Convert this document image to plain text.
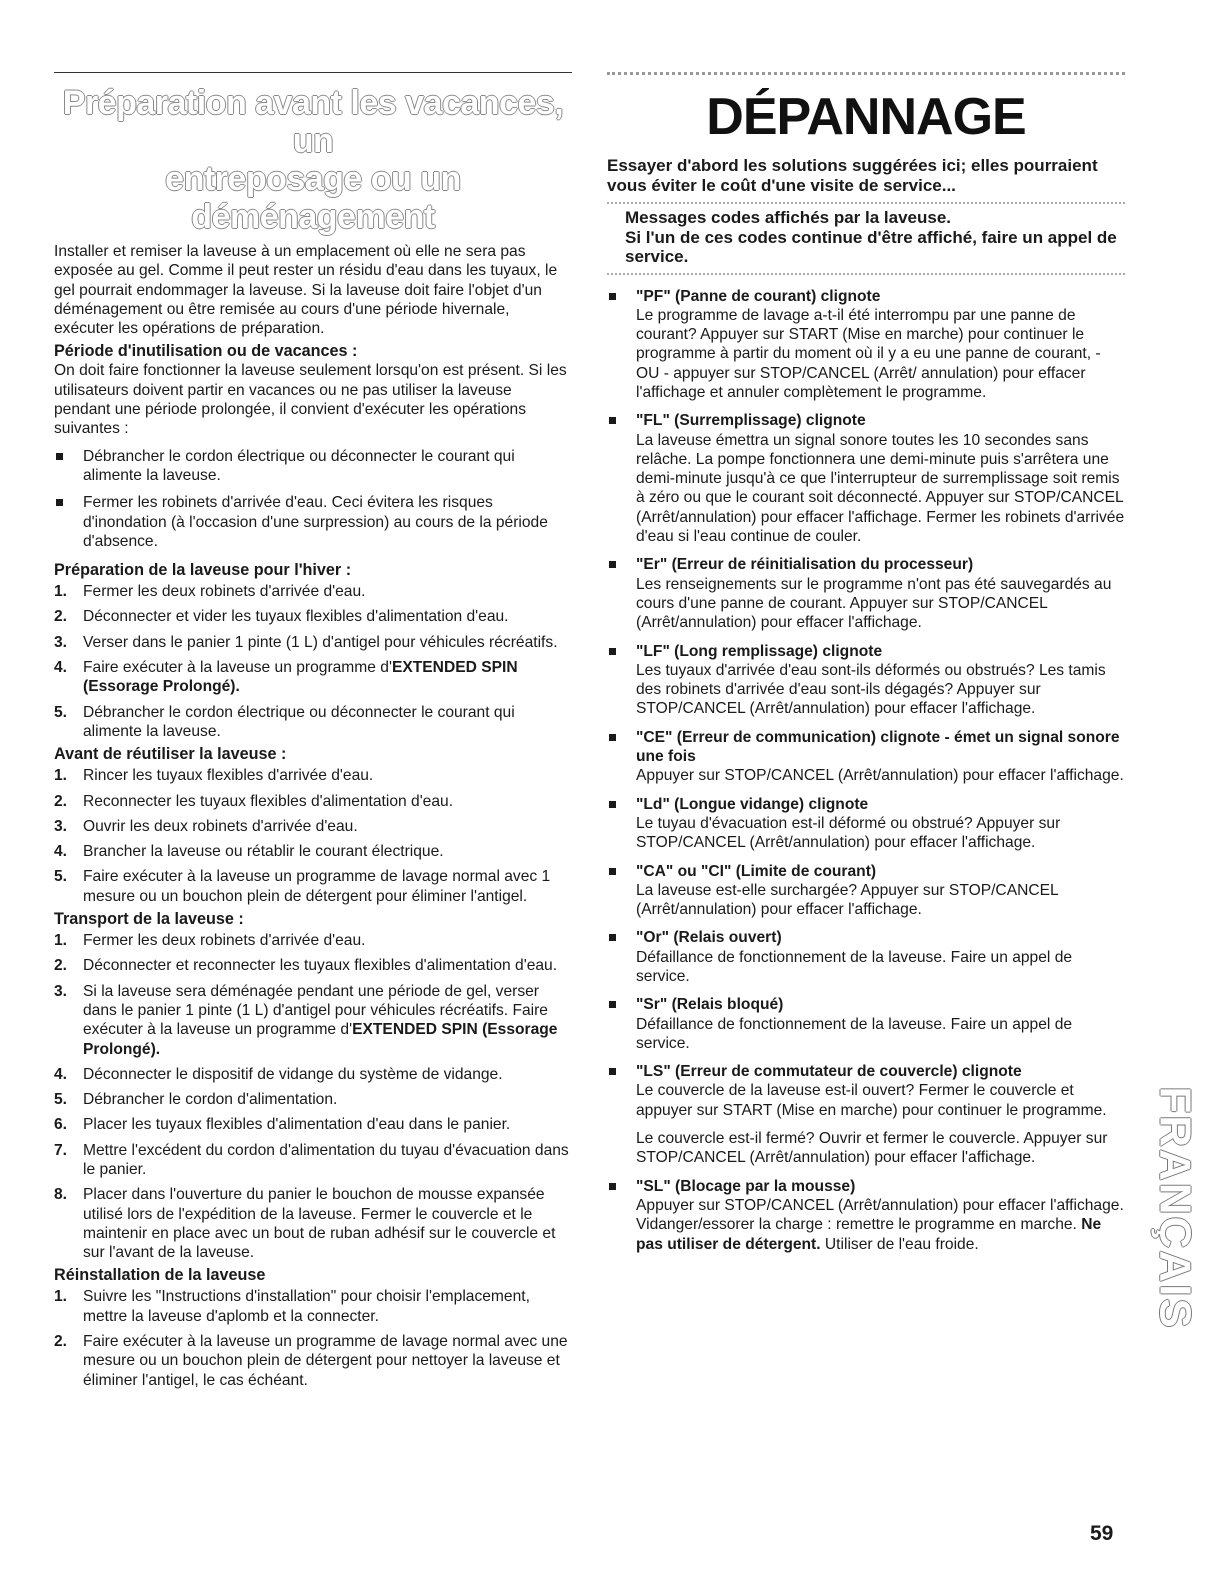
Préparation avant les vacances, un
entreposage ou un déménagement

Installer et remiser la laveuse à un emplacement où elle ne sera pas exposée au gel. Comme il peut rester un résidu d'eau dans les tuyaux, le gel pourrait endommager la laveuse. Si la laveuse doit faire l'objet d'un déménagement ou être remisée au cours d'une période hivernale, exécuter les opérations de préparation.

Période d'inutilisation ou de vacances :

On doit faire fonctionner la laveuse seulement lorsqu'on est présent. Si les utilisateurs doivent partir en vacances ou ne pas utiliser la laveuse pendant une période prolongée, il convient d'exécuter les opérations suivantes :

Débrancher le cordon électrique ou déconnecter le courant qui alimente la laveuse.
Fermer les robinets d'arrivée d'eau. Ceci évitera les risques d'inondation (à l'occasion d'une surpression) au cours de la période d'absence.
Préparation de la laveuse pour l'hiver :
1. Fermer les deux robinets d'arrivée d'eau.
2. Déconnecter et vider les tuyaux flexibles d'alimentation d'eau.
3. Verser dans le panier 1 pinte (1 L) d'antigel pour véhicules récréatifs.
4. Faire exécuter à la laveuse un programme d'EXTENDED SPIN (Essorage Prolongé).
5. Débrancher le cordon électrique ou déconnecter le courant qui alimente la laveuse.
Avant de réutiliser la laveuse :
1. Rincer les tuyaux flexibles d'arrivée d'eau.
2. Reconnecter les tuyaux flexibles d'alimentation d'eau.
3. Ouvrir les deux robinets d'arrivée d'eau.
4. Brancher la laveuse ou rétablir le courant électrique.
5. Faire exécuter à la laveuse un programme de lavage normal avec 1 mesure ou un bouchon plein de détergent pour éliminer l'antigel.
Transport de la laveuse :
1. Fermer les deux robinets d'arrivée d'eau.
2. Déconnecter et reconnecter les tuyaux flexibles d'alimentation d'eau.
3. Si la laveuse sera déménagée pendant une période de gel, verser dans le panier 1 pinte (1 L) d'antigel pour véhicules récréatifs. Faire exécuter à la laveuse un programme d'EXTENDED SPIN (Essorage Prolongé).
4. Déconnecter le dispositif de vidange du système de vidange.
5. Débrancher le cordon d'alimentation.
6. Placer les tuyaux flexibles d'alimentation d'eau dans le panier.
7. Mettre l'excédent du cordon d'alimentation du tuyau d'évacuation dans le panier.
8. Placer dans l'ouverture du panier le bouchon de mousse expansée utilisé lors de l'expédition de la laveuse. Fermer le couvercle et le maintenir en place avec un bout de ruban adhésif sur le couvercle et sur l'avant de la laveuse.
Réinstallation de la laveuse
1. Suivre les "Instructions d'installation" pour choisir l'emplacement, mettre la laveuse d'aplomb et la connecter.
2. Faire exécuter à la laveuse un programme de lavage normal avec une mesure ou un bouchon plein de détergent pour nettoyer la laveuse et éliminer l'antigel, le cas échéant.
DÉPANNAGE
Essayer d'abord les solutions suggérées ici; elles pourraient vous éviter le coût d'une visite de service...
Messages codes affichés par la laveuse.
Si l'un de ces codes continue d'être affiché, faire un appel de service.
"PF" (Panne de courant) clignote

Le programme de lavage a-t-il été interrompu par une panne de courant? Appuyer sur START (Mise en marche) pour continuer le programme à partir du moment où il y a eu une panne de courant, - OU - appuyer sur STOP/CANCEL (Arrêt/ annulation) pour effacer l'affichage et annuler complètement le programme.

"FL" (Surremplissage) clignote

La laveuse émettra un signal sonore toutes les 10 secondes sans relâche. La pompe fonctionnera une demi-minute puis s'arrêtera une demi-minute jusqu'à ce que l'interrupteur de surremplissage soit remis à zéro ou que le courant soit déconnecté. Appuyer sur STOP/CANCEL (Arrêt/annulation) pour effacer l'affichage. Fermer les robinets d'arrivée d'eau si l'eau continue de couler.

"Er" (Erreur de réinitialisation du processeur)

Les renseignements sur le programme n'ont pas été sauvegardés au cours d'une panne de courant. Appuyer sur STOP/CANCEL (Arrêt/annulation) pour effacer l'affichage.

"LF" (Long remplissage) clignote

Les tuyaux d'arrivée d'eau sont-ils déformés ou obstrués? Les tamis des robinets d'arrivée d'eau sont-ils dégagés? Appuyer sur STOP/CANCEL (Arrêt/annulation) pour effacer l'affichage.

"CE" (Erreur de communication) clignote - émet un signal sonore une fois

Appuyer sur STOP/CANCEL (Arrêt/annulation) pour effacer l'affichage.

"Ld" (Longue vidange) clignote

Le tuyau d'évacuation est-il déformé ou obstrué? Appuyer sur STOP/CANCEL (Arrêt/annulation) pour effacer l'affichage.

"CA" ou "CI" (Limite de courant)

La laveuse est-elle surchargée? Appuyer sur STOP/CANCEL (Arrêt/annulation) pour effacer l'affichage.

"Or" (Relais ouvert)

Défaillance de fonctionnement de la laveuse. Faire un appel de service.

"Sr" (Relais bloqué)

Défaillance de fonctionnement de la laveuse. Faire un appel de service.

"LS" (Erreur de commutateur de couvercle) clignote

Le couvercle de la laveuse est-il ouvert? Fermer le couvercle et appuyer sur START (Mise en marche) pour continuer le programme.

Le couvercle est-il fermé? Ouvrir et fermer le couvercle. Appuyer sur STOP/CANCEL (Arrêt/annulation) pour effacer l'affichage.

"SL" (Blocage par la mousse)

Appuyer sur STOP/CANCEL (Arrêt/annulation) pour effacer l'affichage. Vidanger/essorer la charge : remettre le programme en marche. Ne pas utiliser de détergent. Utiliser de l'eau froide.	FRANÇAIS
59
